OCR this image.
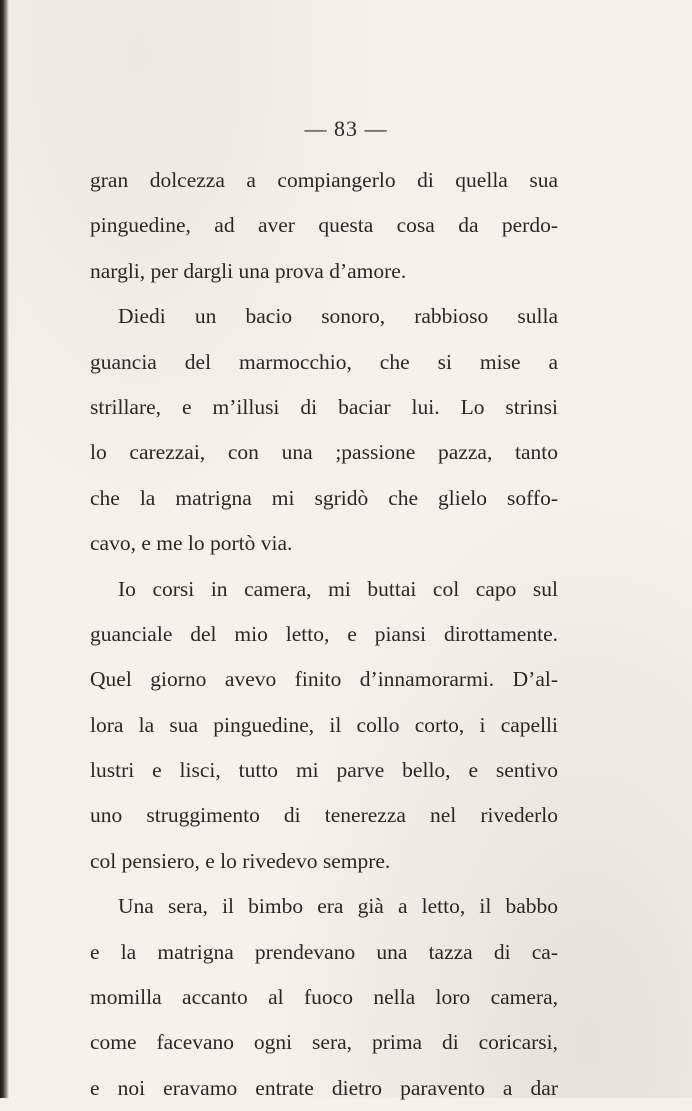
— 83 —
gran dolcezza a compiangerlo di quella sua
pinguedine, ad aver questa cosa da perdo-
nargli, per dargli una prova d’amore.
Diedi un bacio sonoro, rabbioso sulla
guancia del marmocchio, che si mise a
strillare, e m’illusi di baciar lui. Lo strinsi
lo carezzai, con una ;passione pazza, tanto
che la matrigna mi sgridò che glielo soffo-
cavo, e me lo portò via.
Io corsi in camera, mi buttai col capo sul
guanciale del mio letto, e piansi dirottamente.
Quel giorno avevo finito d’innamorarmi. D’al-
lora la sua pinguedine, il collo corto, i capelli
lustri e lisci, tutto mi parve bello, e sentivo
uno struggimento di tenerezza nel rivederlo
col pensiero, e lo rivedevo sempre.
Una sera, il bimbo era già a letto, il babbo
e la matrigna prendevano una tazza di ca-
momilla accanto al fuoco nella loro camera,
come facevano ogni sera, prima di coricarsi,
e noi eravamo entrate dietro paravento a dar
